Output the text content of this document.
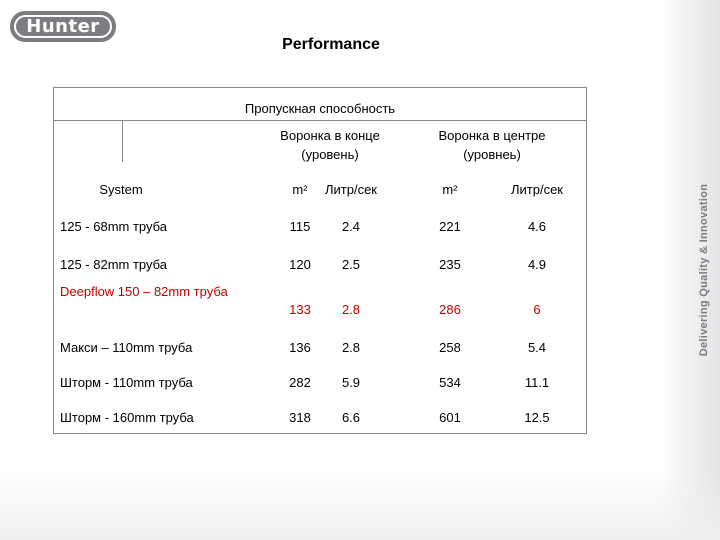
Delivering Quality & Innovation
Hunter
Performance
Пропускная способность
Воронка в конце (уровень)
Воронка в центре (уровнеь)
System	m²	Литр/сек	m²	Литр/сек
125 - 68mm труба	115	2.4	221	4.6
125 - 82mm труба	120	2.5	235	4.9
Deepflow 150 – 82mm труба
133	2.8	286	6
Макси – 110mm труба	136	2.8	258	5.4
Шторм - 110mm труба	282	5.9	534	11.1
Шторм - 160mm труба	318	6.6	601	12.5
